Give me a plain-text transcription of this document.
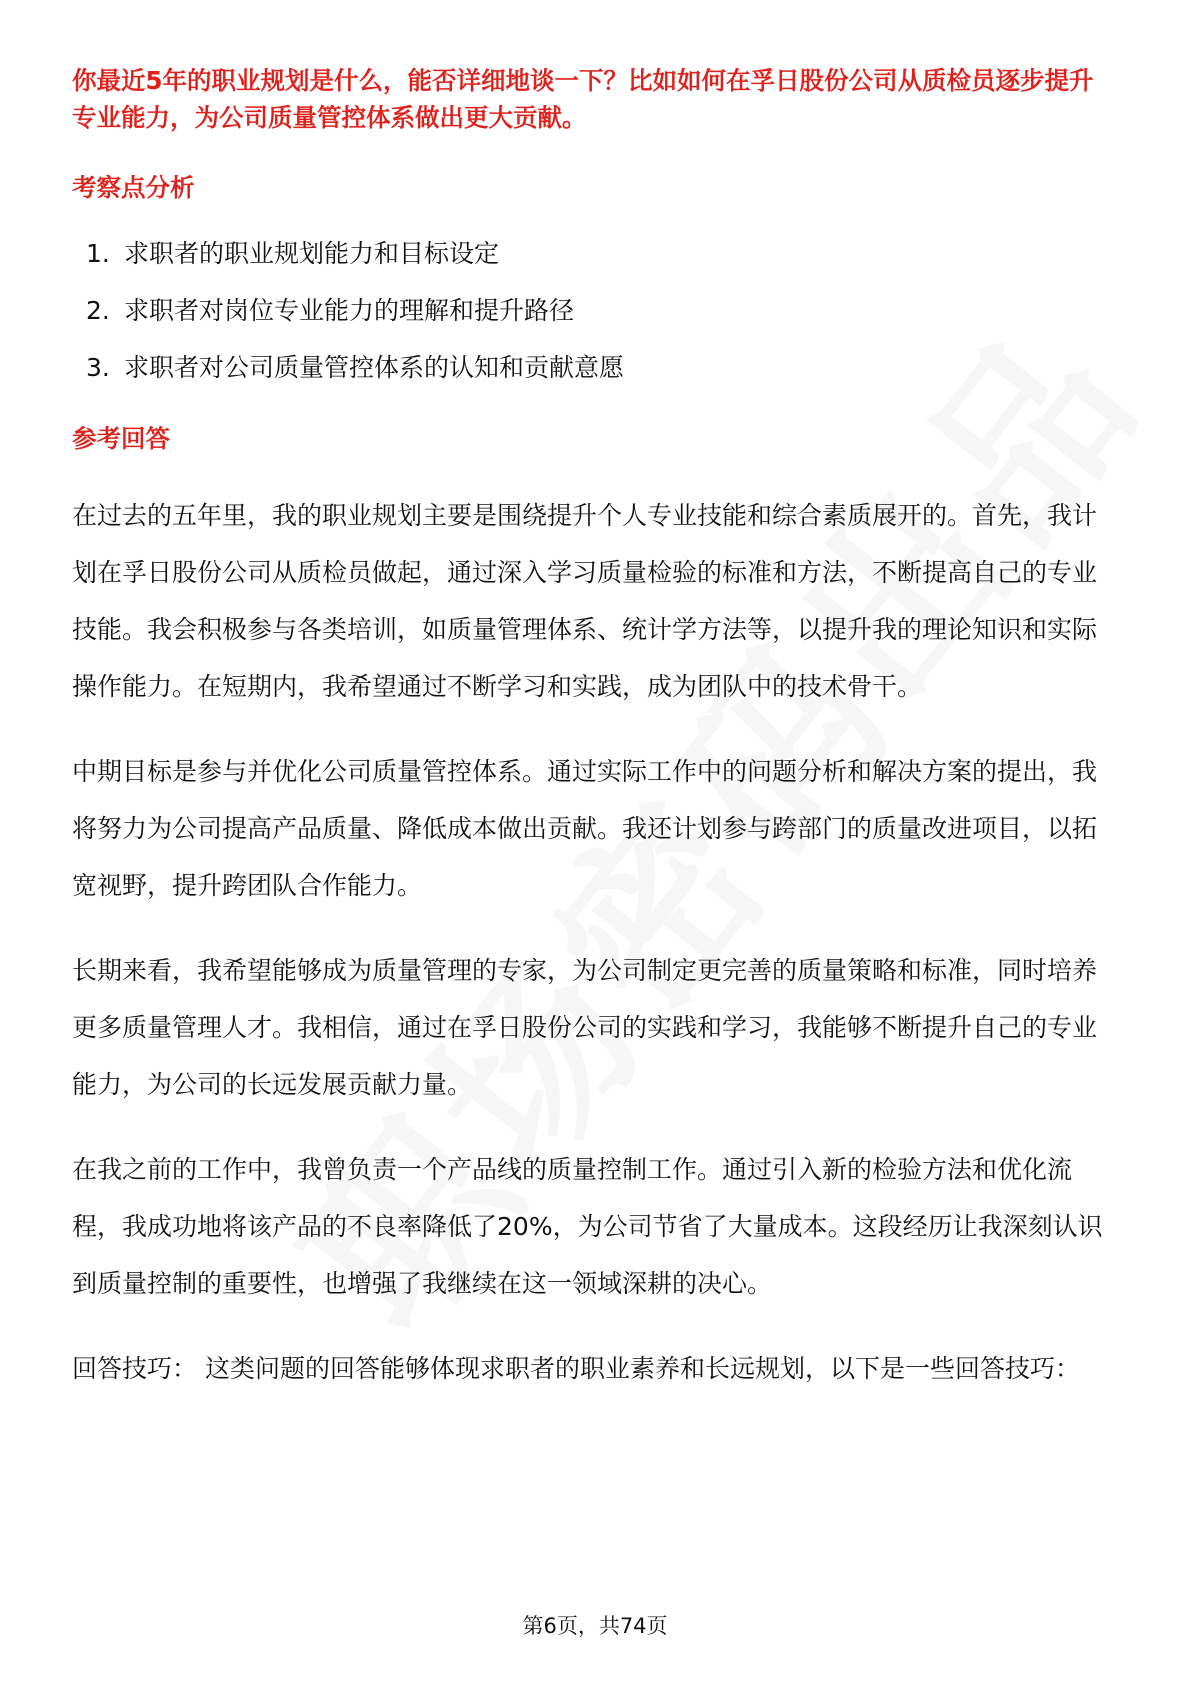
你最近5年的职业规划是什么，能否详细地谈一下？比如如何在孚日股份公司从质检员逐步提升专业能力，为公司质量管控体系做出更大贡献。

考察点分析
1. 求职者的职业规划能力和目标设定
2. 求职者对岗位专业能力的理解和提升路径
3. 求职者对公司质量管控体系的认知和贡献意愿
参考回答

在过去的五年里，我的职业规划主要是围绕提升个人专业技能和综合素质展开的。首先，我计划在孚日股份公司从质检员做起，通过深入学习质量检验的标准和方法，不断提高自己的专业技能。我会积极参与各类培训，如质量管理体系、统计学方法等，以提升我的理论知识和实际操作能力。在短期内，我希望通过不断学习和实践，成为团队中的技术骨干。

中期目标是参与并优化公司质量管控体系。通过实际工作中的问题分析和解决方案的提出，我将努力为公司提高产品质量、降低成本做出贡献。我还计划参与跨部门的质量改进项目，以拓宽视野，提升跨团队合作能力。

长期来看，我希望能够成为质量管理的专家，为公司制定更完善的质量策略和标准，同时培养更多质量管理人才。我相信，通过在孚日股份公司的实践和学习，我能够不断提升自己的专业能力，为公司的长远发展贡献力量。

在我之前的工作中，我曾负责一个产品线的质量控制工作。通过引入新的检验方法和优化流程，我成功地将该产品的不良率降低了20%，为公司节省了大量成本。这段经历让我深刻认识到质量控制的重要性，也增强了我继续在这一领域深耕的决心。

回答技巧： 这类问题的回答能够体现求职者的职业素养和长远规划，以下是一些回答技巧：

第6页，共74页
